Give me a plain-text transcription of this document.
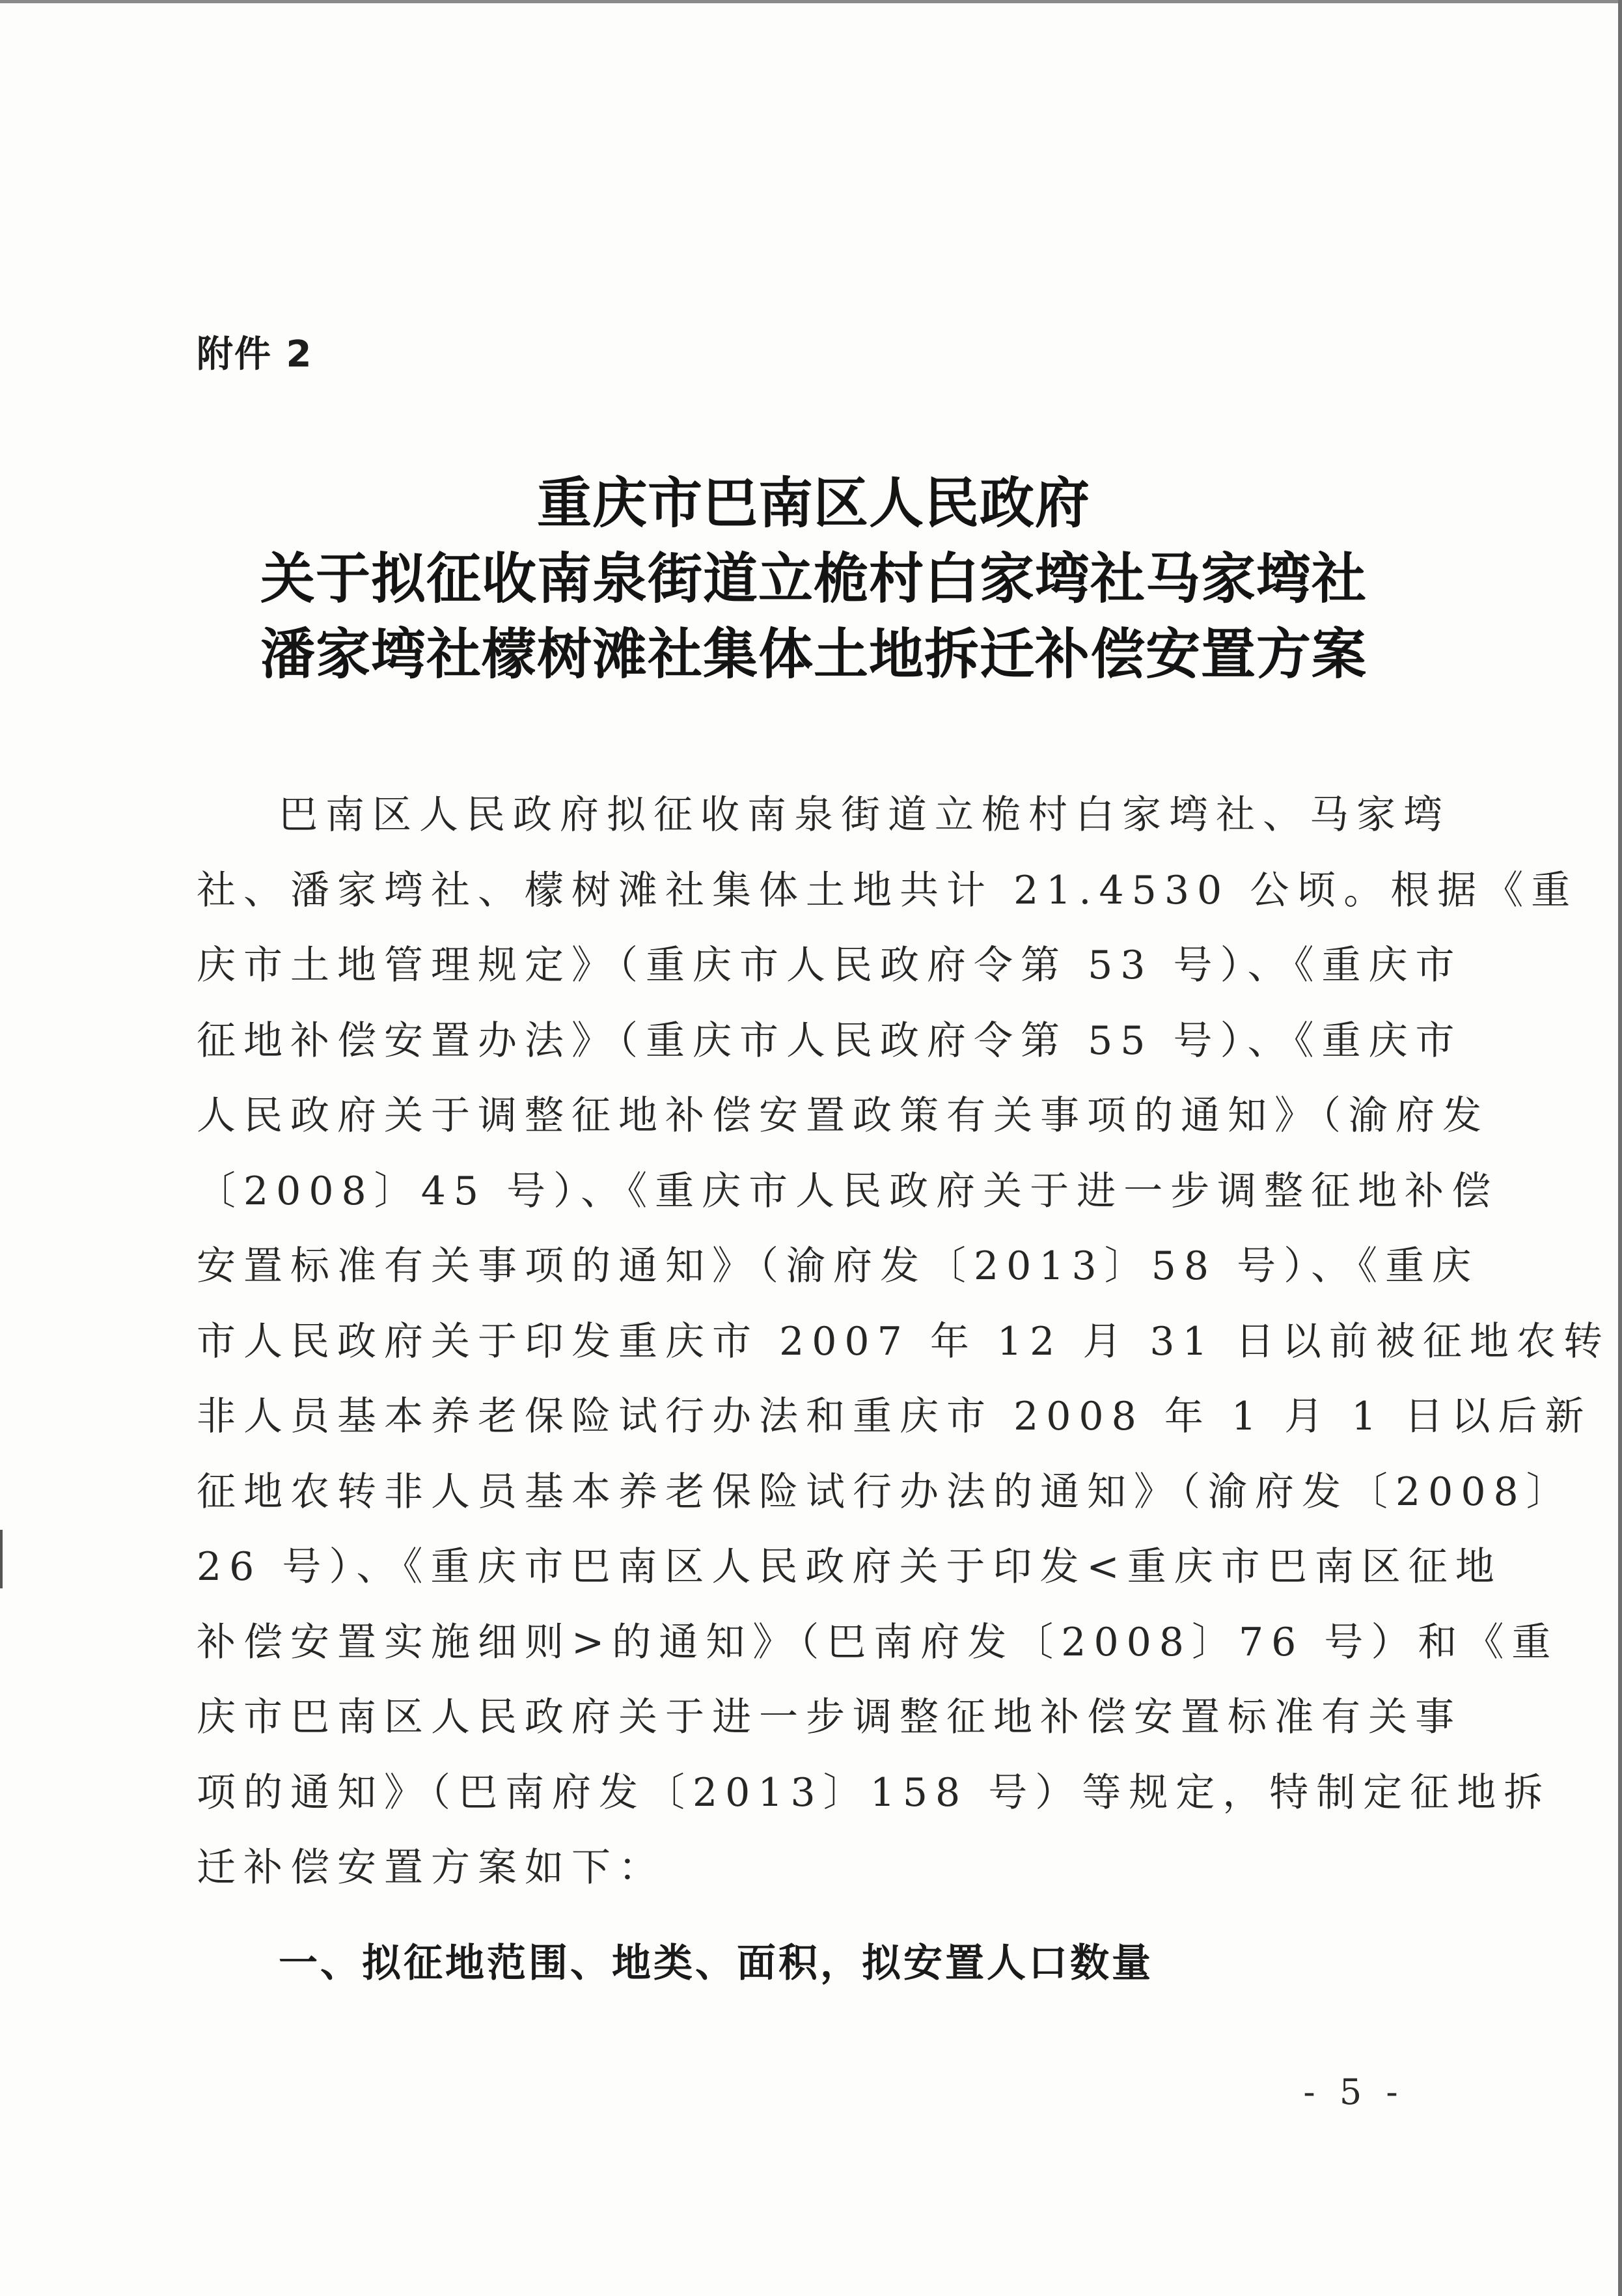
附件 2
重庆市巴南区人民政府
关于拟征收南泉街道立桅村白家塆社马家塆社
潘家塆社檬树滩社集体土地拆迁补偿安置方案
巴南区人民政府拟征收南泉街道立桅村白家塆社、马家塆
社、潘家塆社、檬树滩社集体土地共计 21.4530 公顷。根据《重
庆市土地管理规定》（重庆市人民政府令第 53 号）、《重庆市
征地补偿安置办法》（重庆市人民政府令第 55 号）、《重庆市
人民政府关于调整征地补偿安置政策有关事项的通知》（渝府发
〔2008〕45 号）、《重庆市人民政府关于进一步调整征地补偿
安置标准有关事项的通知》（渝府发〔2013〕58 号）、《重庆
市人民政府关于印发重庆市 2007 年 12 月 31 日以前被征地农转
非人员基本养老保险试行办法和重庆市 2008 年 1 月 1 日以后新
征地农转非人员基本养老保险试行办法的通知》（渝府发〔2008〕
26 号）、《重庆市巴南区人民政府关于印发<重庆市巴南区征地
补偿安置实施细则>的通知》（巴南府发〔2008〕76 号）和《重
庆市巴南区人民政府关于进一步调整征地补偿安置标准有关事
项的通知》（巴南府发〔2013〕158 号）等规定，特制定征地拆
迁补偿安置方案如下：
一、拟征地范围、地类、面积，拟安置人口数量
- 5 -
